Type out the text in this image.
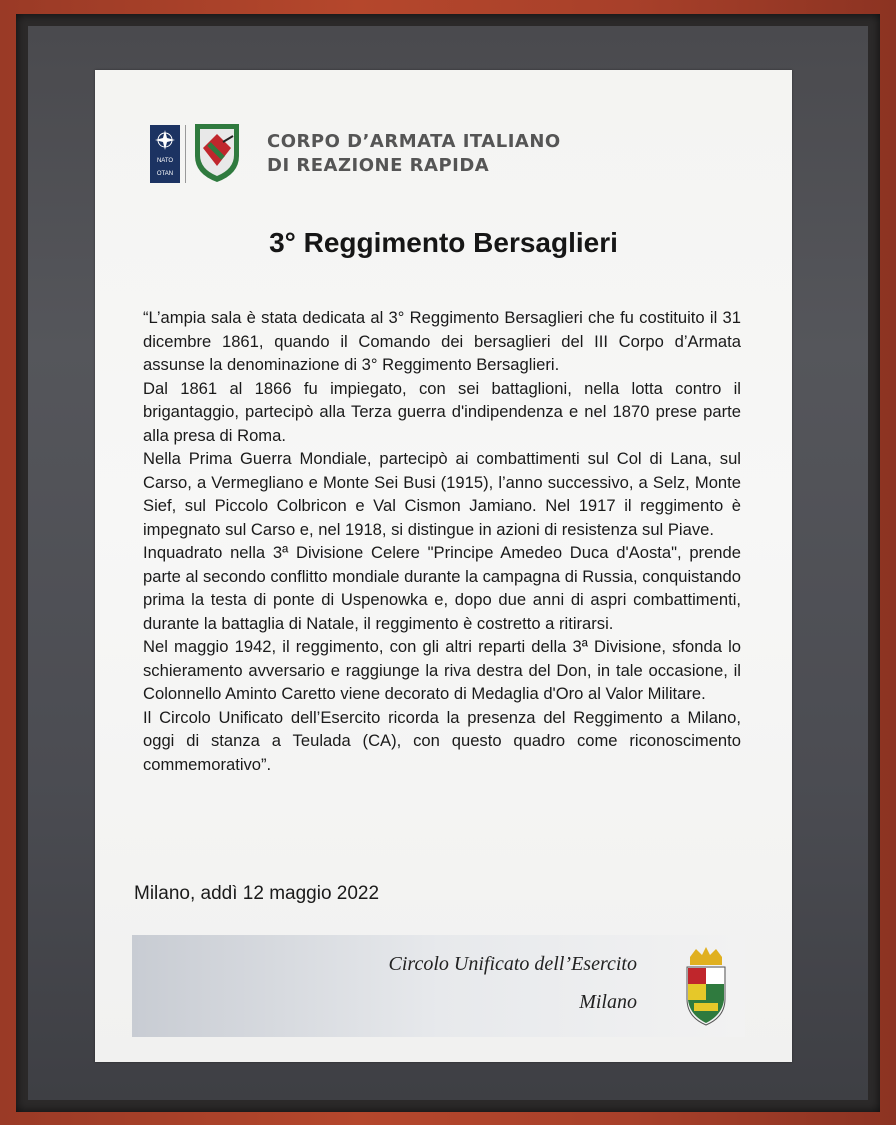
NATO
OTAN
CORPO D’ARMATA ITALIANO
DI REAZIONE RAPIDA
3° Reggimento Bersaglieri

“L’ampia sala è stata dedicata al 3° Reggimento Bersaglieri che fu costituito il 31 dicembre 1861, quando il Comando dei bersaglieri del III Corpo d’Armata assunse la denominazione di 3° Reggimento Bersaglieri.

Dal 1861 al 1866 fu impiegato, con sei battaglioni, nella lotta contro il brigantaggio, partecipò alla Terza guerra d'indipendenza e nel 1870 prese parte alla presa di Roma.

Nella Prima Guerra Mondiale, partecipò ai combattimenti sul Col di Lana, sul Carso, a Vermegliano e Monte Sei Busi (1915), l’anno successivo, a Selz, Monte Sief, sul Piccolo Colbricon e Val Cismon Jamiano. Nel 1917 il reggimento è impegnato sul Carso e, nel 1918, si distingue in azioni di resistenza sul Piave.

Inquadrato nella 3ª Divisione Celere "Principe Amedeo Duca d'Aosta", prende parte al secondo conflitto mondiale durante la campagna di Russia, conquistando prima la testa di ponte di Uspenowka e, dopo due anni di aspri combattimenti, durante la battaglia di Natale, il reggimento è costretto a ritirarsi.

Nel maggio 1942, il reggimento, con gli altri reparti della 3ª Divisione, sfonda lo schieramento avversario e raggiunge la riva destra del Don, in tale occasione, il Colonnello Aminto Caretto viene decorato di Medaglia d'Oro al Valor Militare.

Il Circolo Unificato dell’Esercito ricorda la presenza del Reggimento a Milano, oggi di stanza a Teulada (CA), con questo quadro come riconoscimento commemorativo”.

Milano, addì 12 maggio 2022
Circolo Unificato dell’Esercito
Milano
